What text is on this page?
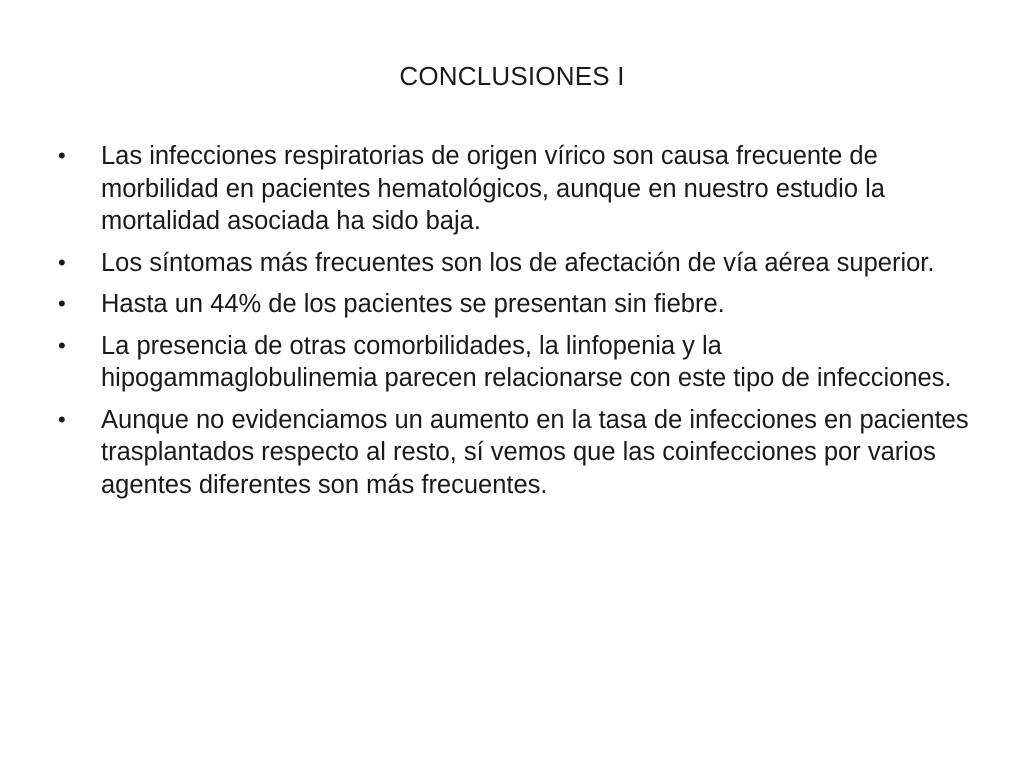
CONCLUSIONES I
•	Las infecciones respiratorias de origen vírico son causa frecuente de morbilidad en pacientes hematológicos, aunque en nuestro estudio la mortalidad asociada ha sido baja.
•	Los síntomas más frecuentes son los de afectación de vía aérea superior.
•	Hasta un 44% de los pacientes se presentan sin fiebre.
•	La presencia de otras comorbilidades, la linfopenia y la hipogammaglobulinemia parecen relacionarse con este tipo de infecciones.
•	Aunque no evidenciamos un aumento en la tasa de infecciones en pacientes trasplantados respecto al resto, sí vemos que las coinfecciones por varios agentes diferentes son más frecuentes.
